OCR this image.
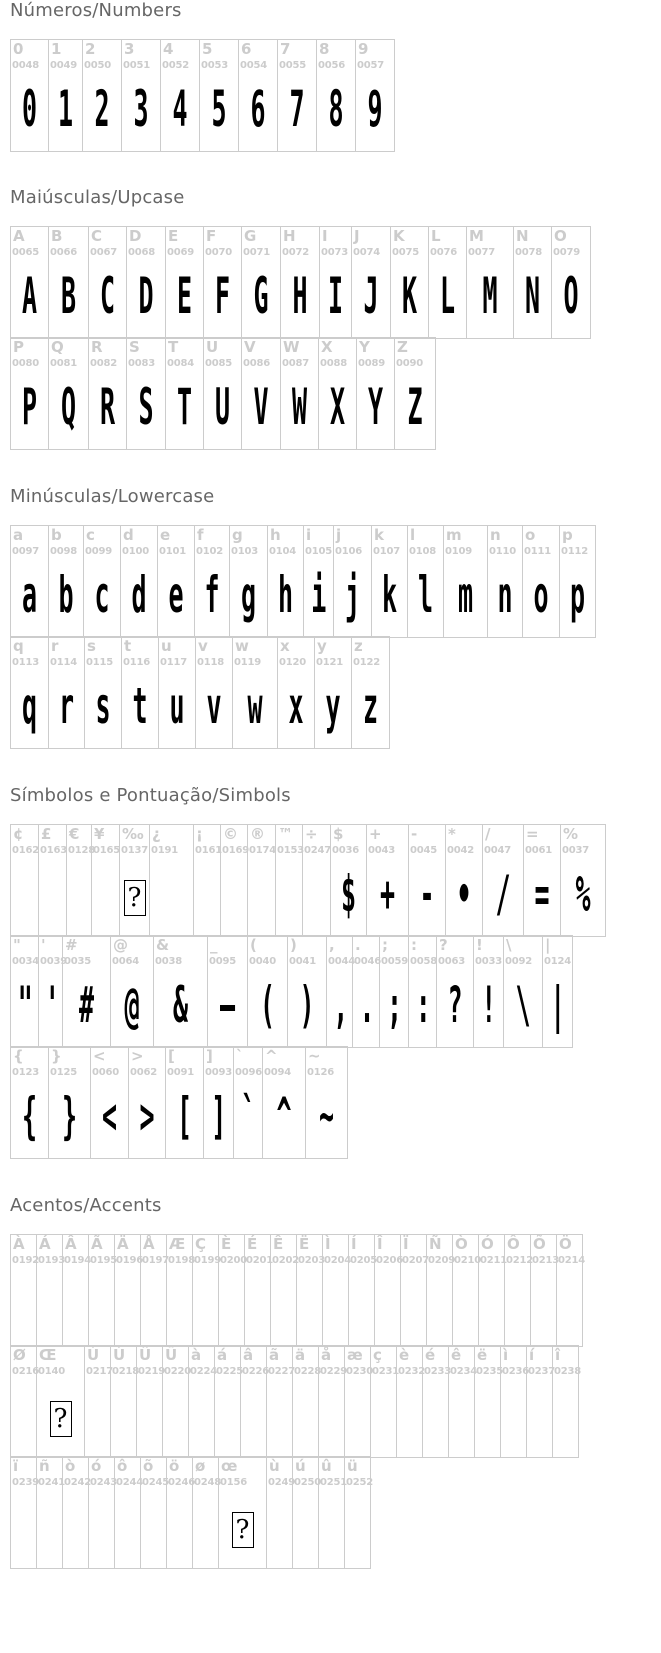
Números/Numbers
Maiúsculas/Upcase
Minúsculas/Lowercase
Símbolos e Pontuação/Simbols
Acentos/Accents
0
0048
0
1
0049
1
2
0050
2
3
0051
3
4
0052
4
5
0053
5
6
0054
6
7
0055
7
8
0056
8
9
0057
9
A
0065
A
B
0066
B
C
0067
C
D
0068
D
E
0069
E
F
0070
F
G
0071
G
H
0072
H
I
0073
I
J
0074
J
K
0075
K
L
0076
L
M
0077
M
N
0078
N
O
0079
O
P
0080
P
Q
0081
Q
R
0082
R
S
0083
S
T
0084
T
U
0085
U
V
0086
V
W
0087
W
X
0088
X
Y
0089
Y
Z
0090
Z
a
0097
a
b
0098
b
c
0099
c
d
0100
d
e
0101
e
f
0102
f
g
0103
g
h
0104
h
i
0105
i
j
0106
j
k
0107
k
l
0108
l
m
0109
m
n
0110
n
o
0111
o
p
0112
p
q
0113
q
r
0114
r
s
0115
s
t
0116
t
u
0117
u
v
0118
v
w
0119
w
x
0120
x
y
0121
y
z
0122
z
¢
0162
£
0163
€
0128
¥
0165
‰
0137
?
¿
0191
¡
0161
©
0169
®
0174
™
0153
÷
0247
$
0036
$
+
0043
+
-
0045
-
*
0042
•
/
0047
/
=
0061
=
%
0037
%
"
0034
"
'
0039
'
#
0035
#
@
0064
@
&
0038
&
_
0095
—
(
0040
(
)
0041
)
,
0044
,
.
0046
.
;
0059
;
:
0058
:
?
0063
?
!
0033
!
\
0092
\
|
0124
|
{
0123
{
}
0125
}
<
0060
<
>
0062
>
[
0091
[
]
0093
]
`
0096
`
^
0094
^
~
0126
~
À
0192
Á
0193
Â
0194
Ã
0195
Ä
0196
Å
0197
Æ
0198
Ç
0199
È
0200
É
0201
Ê
0202
Ë
0203
Ì
0204
Í
0205
Î
0206
Ï
0207
Ñ
0209
Ò
0210
Ó
0211
Ô
0212
Õ
0213
Ö
0214
Ø
0216
Œ
0140
?
Ù
0217
Ú
0218
Û
0219
Ü
0220
à
0224
á
0225
â
0226
ã
0227
ä
0228
å
0229
æ
0230
ç
0231
è
0232
é
0233
ê
0234
ë
0235
ì
0236
í
0237
î
0238
ï
0239
ñ
0241
ò
0242
ó
0243
ô
0244
õ
0245
ö
0246
ø
0248
œ
0156
?
ù
0249
ú
0250
û
0251
ü
0252
